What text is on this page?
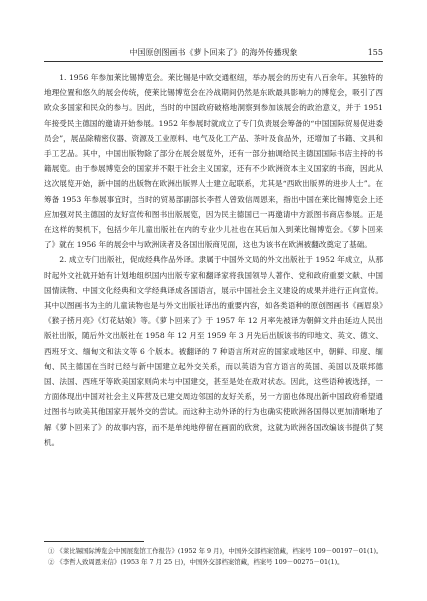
中国原创图画书《萝卜回来了》的海外传播现象	155

1. 1956 年参加莱比锡博览会。莱比锡是中欧交通枢纽，举办展会的历史有八百余年。其独特的地理位置和悠久的展会传统，使莱比锡博览会在冷战期间仍然是东欧最具影响力的博览会，吸引了西欧众多国家和民众的参与。因此，当时的中国政府破格地洞察到参加该展会的政治意义，并于 1951 年接受民主德国的邀请开始参展。1952 年参展时就成立了专门负责展会筹备的“中国国际贸易促进委员会”，展品除精密仪器、资源及工业原料、电气及化工产品、茶叶及食品外，还增加了书籍、文具和手工艺品。其中，中国出版物除了部分在展会展览外，还有一部分抽调给民主德国国际书店主持的书籍展览。由于参展博览会的国家并不限于社会主义国家，还有不少欧洲资本主义国家的书商，因此从这次展览开始，新中国的出版物在欧洲出版界人士建立起联系，尤其是“西欧出版界的进步人士”。在筹备 1953 年参展事宜时，当时的贸易部副部长李哲人曾致信周恩来，指出中国在莱比锡博览会上还应加强对民主德国的友好宣传和图书出版展览，因为民主德国已一再邀请中方派图书商店参展。正是在这样的契机下，包括少年儿童出版社在内的专业少儿社也在其后加入到莱比锡博览会。《萝卜回来了》就在 1956 年的展会中与欧洲读者及各国出版商见面，这也为该书在欧洲被翻改奠定了基础。

2. 成立专门出版社，促成经典作品外译。隶属于中国外文局的外文出版社于 1952 年成立，从那时起外文社就开始有计划地组织国内出版专家和翻译家将我国领导人著作、党和政府重要文献、中国国情读物、中国文化经典和文学经典译成各国语言，展示中国社会主义建设的成果并进行正向宣传。其中以图画书为主的儿童读物也是与外文出版社译出的重要内容，如各类语种的原创图画书《画眉泉》《猴子捞月亮》《灯花姑娘》等。《萝卜回来了》于 1957 年 12 月率先被译为朝鲜文并由延边人民出版社出版，随后外文出版社在 1958 年 12 月至 1959 年 3 月先后出版该书的印地文、英文、德文、西班牙文、缅甸文和法文等 6 个版本。被翻译的 7 种语言所对应的国家或地区中，朝鲜、印度、缅甸、民主德国在当时已经与新中国建立起外交关系，而以英语为官方语言的英国、美国以及联邦德国、法国、西班牙等欧美国家则尚未与中国建交，甚至是处在敌对状态。因此，这些语种被选择，一方面体现出中国对社会主义阵营及已建交周边邻国的友好关系，另一方面也体现出新中国政府希望通过图书与欧美其他国家开展外交的尝试。而这种主动外译的行为也确实使欧洲各国得以更加清晰地了解《萝卜回来了》的故事内容，而不是单纯地停留在画面的欣赏，这就为欧洲各国改编该书提供了契机。

① 《莱比锡国际博览会中国展览馆工作报告》(1952 年 9 月)，中国外交部档案馆藏，档案号 109－00197－01(1)。

② 《李哲人致周恩来信》(1953 年 7 月 25 日)，中国外交部档案馆藏，档案号 109－00275－01(1)。
